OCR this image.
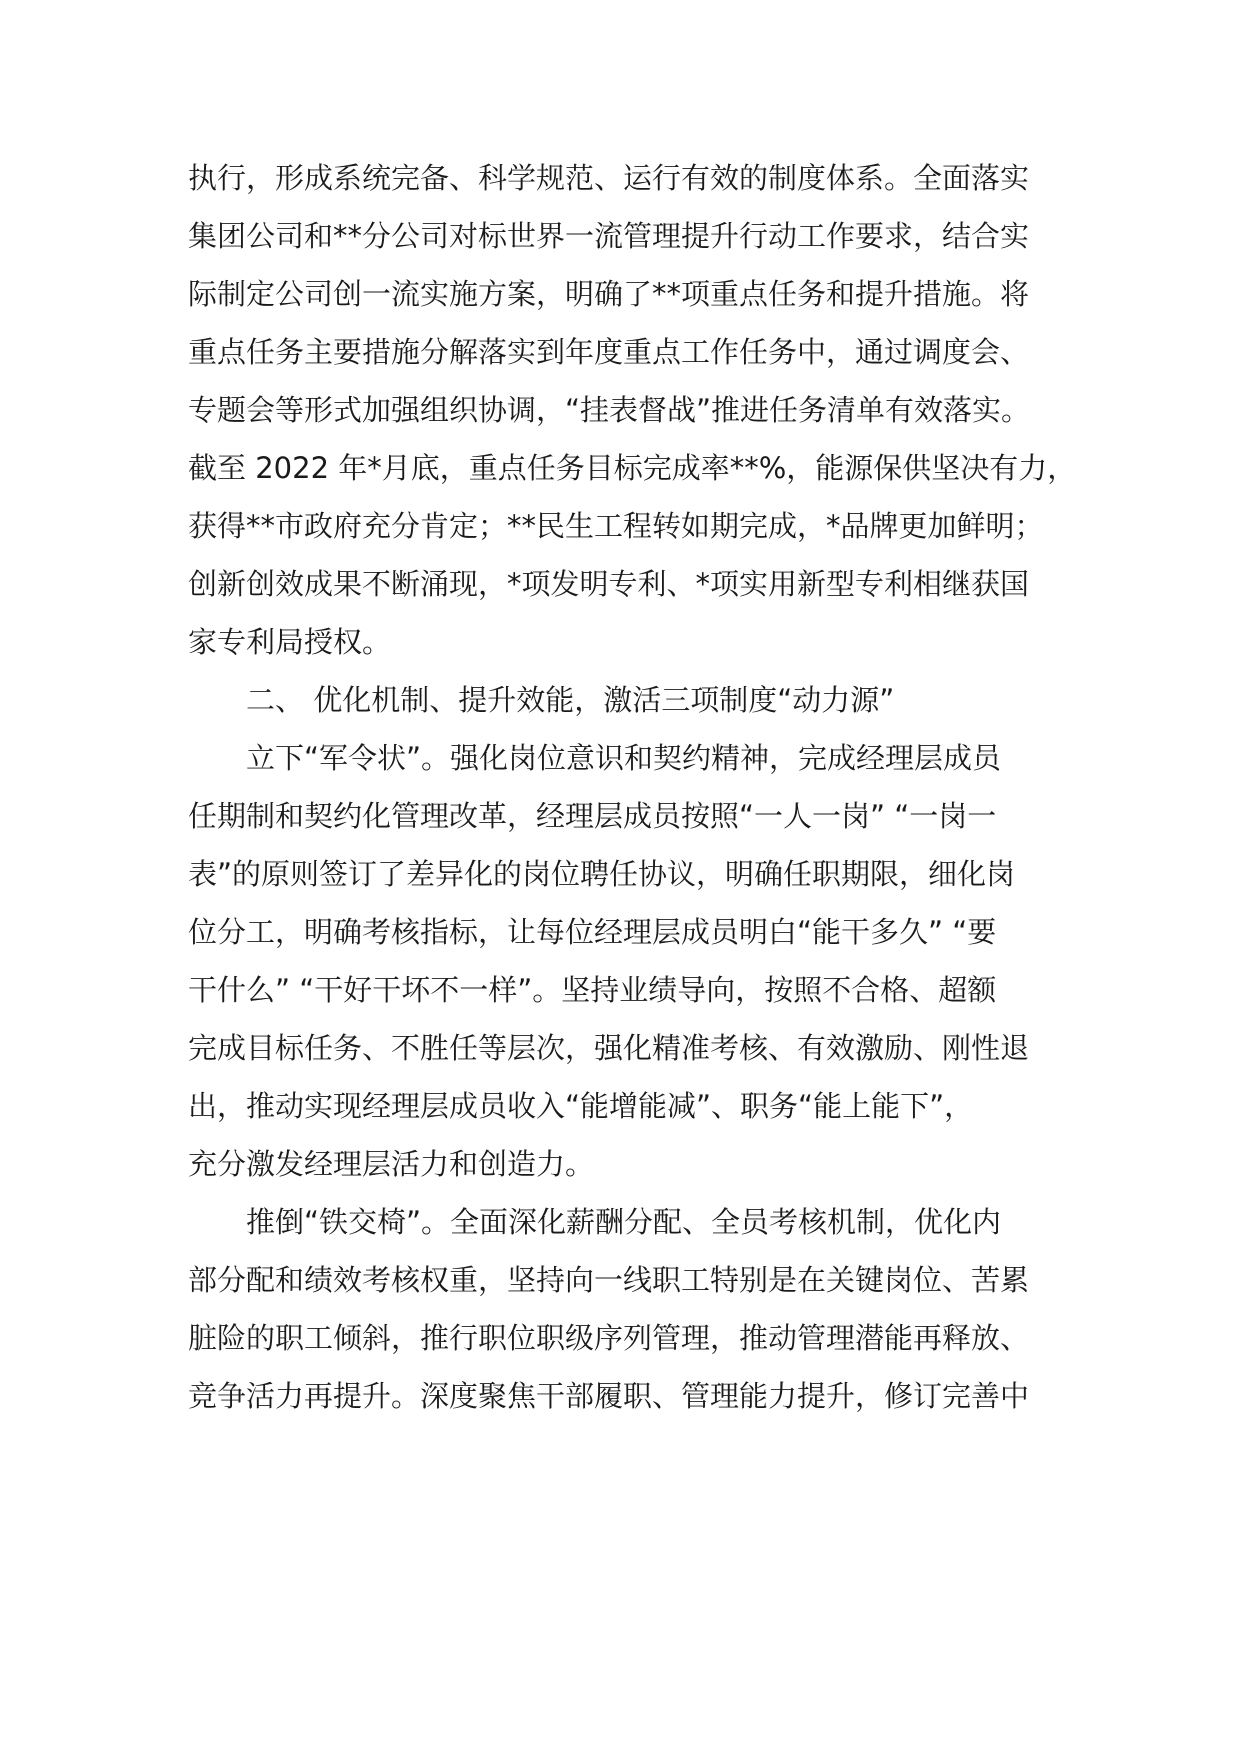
执行，形成系统完备、科学规范、运行有效的制度体系。全面落实
集团公司和**分公司对标世界一流管理提升行动工作要求，结合实
际制定公司创一流实施方案，明确了**项重点任务和提升措施。将
重点任务主要措施分解落实到年度重点工作任务中，通过调度会、
专题会等形式加强组织协调，“挂表督战”推进任务清单有效落实。
截至 2022 年*月底，重点任务目标完成率**%，能源保供坚决有力，
获得**市政府充分肯定；**民生工程转如期完成，*品牌更加鲜明；
创新创效成果不断涌现，*项发明专利、*项实用新型专利相继获国
家专利局授权。
二、 优化机制、提升效能，激活三项制度“动力源”
立下“军令状”。强化岗位意识和契约精神，完成经理层成员
任期制和契约化管理改革，经理层成员按照“一人一岗” “一岗一
表”的原则签订了差异化的岗位聘任协议，明确任职期限，细化岗
位分工，明确考核指标，让每位经理层成员明白“能干多久” “要
干什么” “干好干坏不一样”。坚持业绩导向，按照不合格、超额
完成目标任务、不胜任等层次，强化精准考核、有效激励、刚性退
出，推动实现经理层成员收入“能增能减”、职务“能上能下”，
充分激发经理层活力和创造力。
推倒“铁交椅”。全面深化薪酬分配、全员考核机制，优化内
部分配和绩效考核权重，坚持向一线职工特别是在关键岗位、苦累
脏险的职工倾斜，推行职位职级序列管理，推动管理潜能再释放、
竞争活力再提升。深度聚焦干部履职、管理能力提升，修订完善中
